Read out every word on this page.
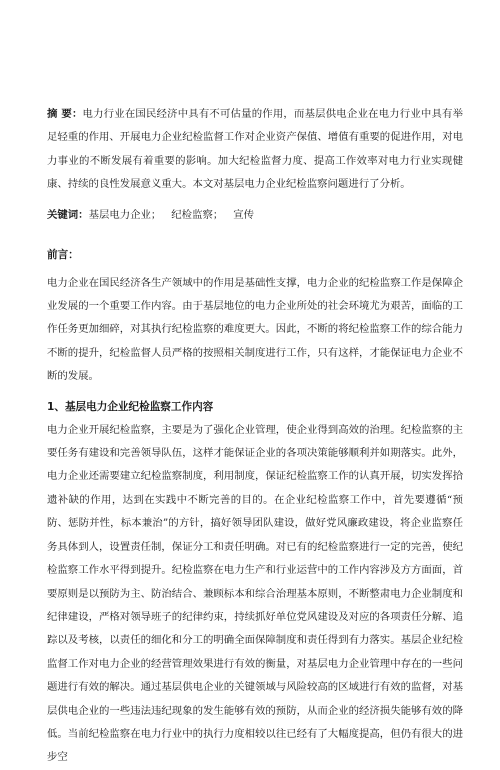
摘 要：电力行业在国民经济中具有不可估量的作用，而基层供电企业在电力行业中具有举足轻重的作用、开展电力企业纪检监督工作对企业资产保值、增值有重要的促进作用，对电力事业的不断发展有着重要的影响。加大纪检监督力度、提高工作效率对电力行业实现健康、持续的良性发展意义重大。本文对基层电力企业纪检监察问题进行了分析。

关键词：基层电力企业； 纪检监察； 宣传

前言：

电力企业在国民经济各生产领域中的作用是基础性支撑，电力企业的纪检监察工作是保障企业发展的一个重要工作内容。由于基层地位的电力企业所处的社会环境尤为艰苦，面临的工作任务更加细碎，对其执行纪检监察的难度更大。因此，不断的将纪检监察工作的综合能力不断的提升，纪检监督人员严格的按照相关制度进行工作，只有这样，才能保证电力企业不断的发展。

1、基层电力企业纪检监察工作内容

电力企业开展纪检监察，主要是为了强化企业管理，使企业得到高效的治理。纪检监察的主要任务有建设和完善领导队伍，这样才能保证企业的各项决策能够顺利并如期落实。此外，电力企业还需要建立纪检监察制度，利用制度，保证纪检监察工作的认真开展，切实发挥拾遗补缺的作用，达到在实践中不断完善的目的。在企业纪检监察工作中，首先要遵循“预防、惩防并性，标本兼治”的方针，搞好领导团队建设，做好党风廉政建设，将企业监察任务具体到人，设置责任制，保证分工和责任明确。对已有的纪检监察进行一定的完善，使纪检监察工作水平得到提升。纪检监察在电力生产和行业运营中的工作内容涉及方方面面，首要原则是以预防为主、防治结合、兼顾标本和综合治理基本原则，不断整肃电力企业制度和纪律建设，严格对领导班子的纪律约束，持续抓好单位党风建设及对应的各项责任分解、追踪以及考核，以责任的细化和分工的明确全面保障制度和责任得到有力落实。基层企业纪检监督工作对电力企业的经营管理效果进行有效的衡量，对基层电力企业管理中存在的一些问题进行有效的解决。通过基层供电企业的关键领域与风险较高的区域进行有效的监督，对基层供电企业的一些违法违纪现象的发生能够有效的预防，从而企业的经济损失能够有效的降低。当前纪检监察在电力行业中的执行力度相较以往已经有了大幅度提高，但仍有很大的进步空
